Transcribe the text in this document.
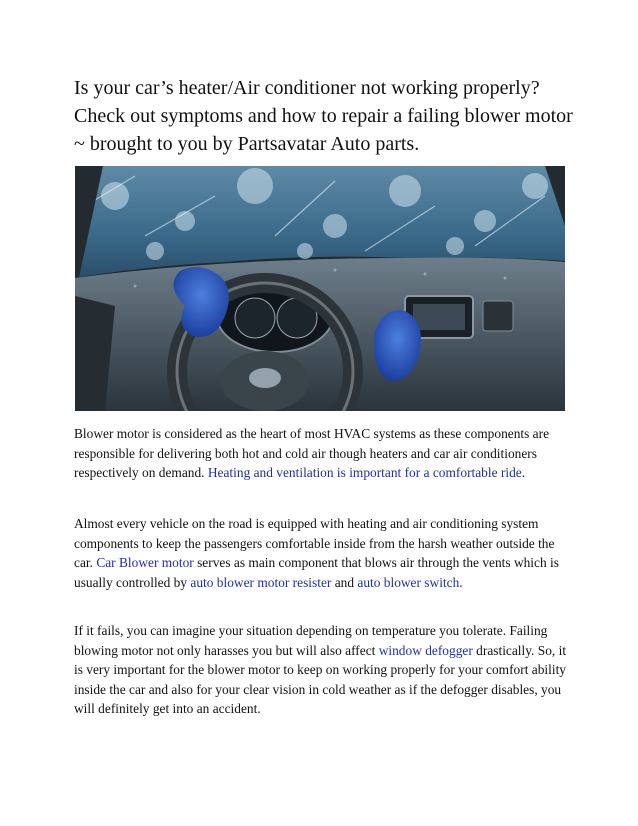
Is your car’s heater/Air conditioner not working properly? Check out symptoms and how to repair a failing blower motor ~ brought to you by Partsavatar Auto parts.

Blower motor is considered as the heart of most HVAC systems as these components are responsible for delivering both hot and cold air though heaters and car air conditioners respectively on demand. Heating and ventilation is important for a comfortable ride.

Almost every vehicle on the road is equipped with heating and air conditioning system components to keep the passengers comfortable inside from the harsh weather outside the car. Car Blower motor serves as main component that blows air through the vents which is usually controlled by auto blower motor resister and auto blower switch.

If it fails, you can imagine your situation depending on temperature you tolerate. Failing blowing motor not only harasses you but will also affect window defogger drastically. So, it is very important for the blower motor to keep on working properly for your comfort ability inside the car and also for your clear vision in cold weather as if the defogger disables, you will definitely get into an accident.
